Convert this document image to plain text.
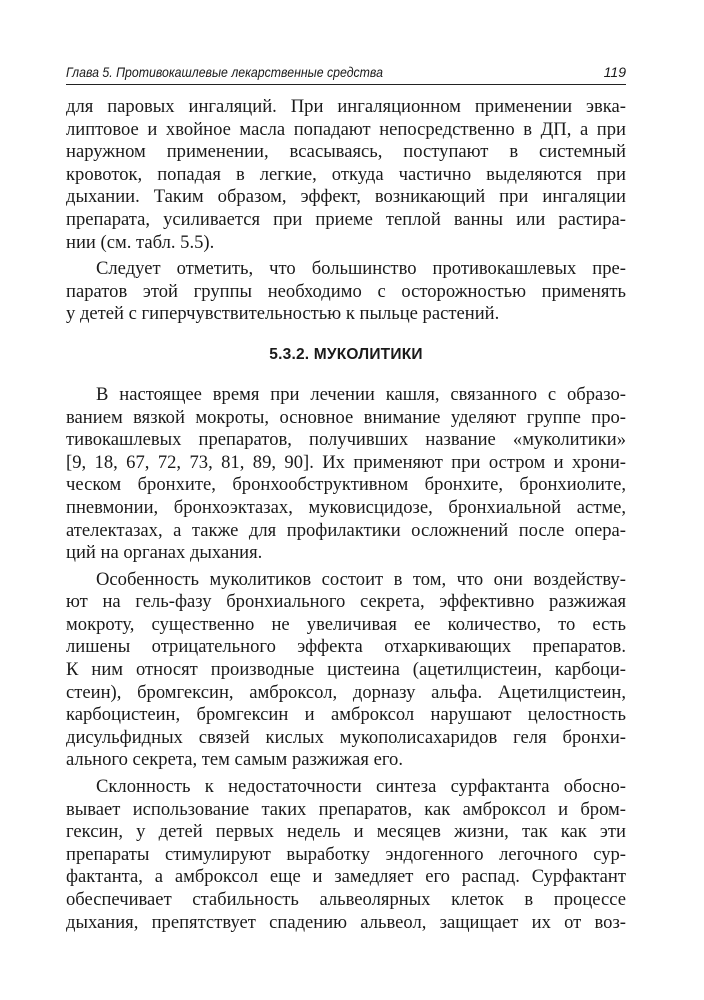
Глава 5. Противокашлевые лекарственные средства	119
для паровых ингаляций. При ингаляционном применении эвка-
липтовое и хвойное масла попадают непосредственно в ДП, а при
наружном применении, всасываясь, поступают в системный
кровоток, попадая в легкие, откуда частично выделяются при
дыхании. Таким образом, эффект, возникающий при ингаляции
препарата, усиливается при приеме теплой ванны или растира-
нии (см. табл. 5.5).
Следует отметить, что большинство противокашлевых пре-
паратов этой группы необходимо с осторожностью применять
у детей с гиперчувствительностью к пыльце растений.
5.3.2. МУКОЛИТИКИ
В настоящее время при лечении кашля, связанного с образо-
ванием вязкой мокроты, основное внимание уделяют группе про-
тивокашлевых препаратов, получивших название «муколитики»
[9, 18, 67, 72, 73, 81, 89, 90]. Их применяют при остром и хрони-
ческом бронхите, бронхообструктивном бронхите, бронхиолите,
пневмонии, бронхоэктазах, муковисцидозе, бронхиальной астме,
ателектазах, а также для профилактики осложнений после опера-
ций на органах дыхания.
Особенность муколитиков состоит в том, что они воздейству-
ют на гель-фазу бронхиального секрета, эффективно разжижая
мокроту, существенно не увеличивая ее количество, то есть
лишены отрицательного эффекта отхаркивающих препаратов.
К ним относят производные цистеина (ацетилцистеин, карбоци-
стеин), бромгексин, амброксол, дорназу альфа. Ацетилцистеин,
карбоцистеин, бромгексин и амброксол нарушают целостность
дисульфидных связей кислых мукополисахаридов геля бронхи-
ального секрета, тем самым разжижая его.
Склонность к недостаточности синтеза сурфактанта обосно-
вывает использование таких препаратов, как амброксол и бром-
гексин, у детей первых недель и месяцев жизни, так как эти
препараты стимулируют выработку эндогенного легочного сур-
фактанта, а амброксол еще и замедляет его распад. Сурфактант
обеспечивает стабильность альвеолярных клеток в процессе
дыхания, препятствует спадению альвеол, защищает их от воз-
